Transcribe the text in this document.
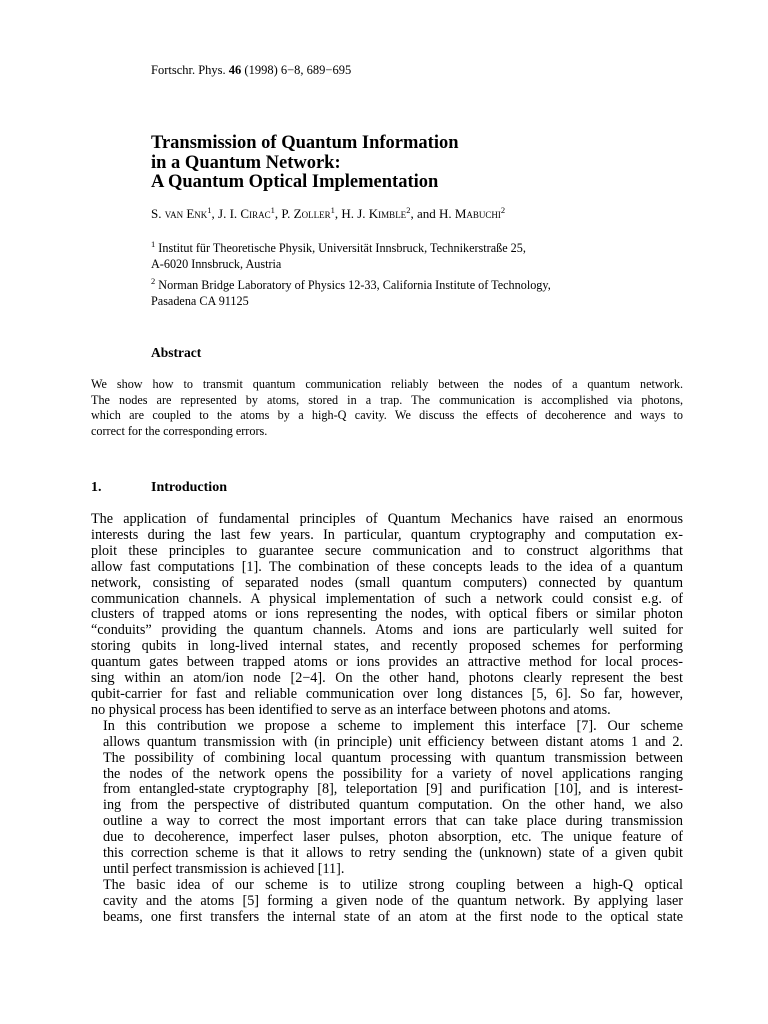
Fortschr. Phys. 46 (1998) 6−8, 689−695
Transmission of Quantum Information
in a Quantum Network:
A Quantum Optical Implementation
S. van Enk$^1$, J. I. Cirac$^1$, P. Zoller$^1$, H. J. Kimble$^2$, and H. Mabuchi$^2$
$^1$ Institut für Theoretische Physik, Universität Innsbruck, Technikerstraße 25,
A-6020 Innsbruck, Austria
$^2$ Norman Bridge Laboratory of Physics 12-33, California Institute of Technology,
Pasadena CA 91125
Abstract
We show how to transmit quantum communication reliably between the nodes of a quantum network.
The nodes are represented by atoms, stored in a trap. The communication is accomplished via photons,
which are coupled to the atoms by a high-Q cavity. We discuss the effects of decoherence and ways to
correct for the corresponding errors.
1.	Introduction

The application of fundamental principles of Quantum Mechanics have raised an enormous
interests during the last few years. In particular, quantum cryptography and computation ex-
ploit these principles to guarantee secure communication and to construct algorithms that
allow fast computations [1]. The combination of these concepts leads to the idea of a quantum
network, consisting of separated nodes (small quantum computers) connected by quantum
communication channels. A physical implementation of such a network could consist e.g. of
clusters of trapped atoms or ions representing the nodes, with optical fibers or similar photon
“conduits” providing the quantum channels. Atoms and ions are particularly well suited for
storing qubits in long-lived internal states, and recently proposed schemes for performing
quantum gates between trapped atoms or ions provides an attractive method for local proces-
sing within an atom/ion node [2−4]. On the other hand, photons clearly represent the best
qubit-carrier for fast and reliable communication over long distances [5, 6]. So far, however,
no physical process has been identified to serve as an interface between photons and atoms.

In this contribution we propose a scheme to implement this interface [7]. Our scheme
allows quantum transmission with (in principle) unit efficiency between distant atoms 1 and 2.
The possibility of combining local quantum processing with quantum transmission between
the nodes of the network opens the possibility for a variety of novel applications ranging
from entangled-state cryptography [8], teleportation [9] and purification [10], and is interest-
ing from the perspective of distributed quantum computation. On the other hand, we also
outline a way to correct the most important errors that can take place during transmission
due to decoherence, imperfect laser pulses, photon absorption, etc. The unique feature of
this correction scheme is that it allows to retry sending the (unknown) state of a given qubit
until perfect transmission is achieved [11].

The basic idea of our scheme is to utilize strong coupling between a high-Q optical
cavity and the atoms [5] forming a given node of the quantum network. By applying laser
beams, one first transfers the internal state of an atom at the first node to the optical state
